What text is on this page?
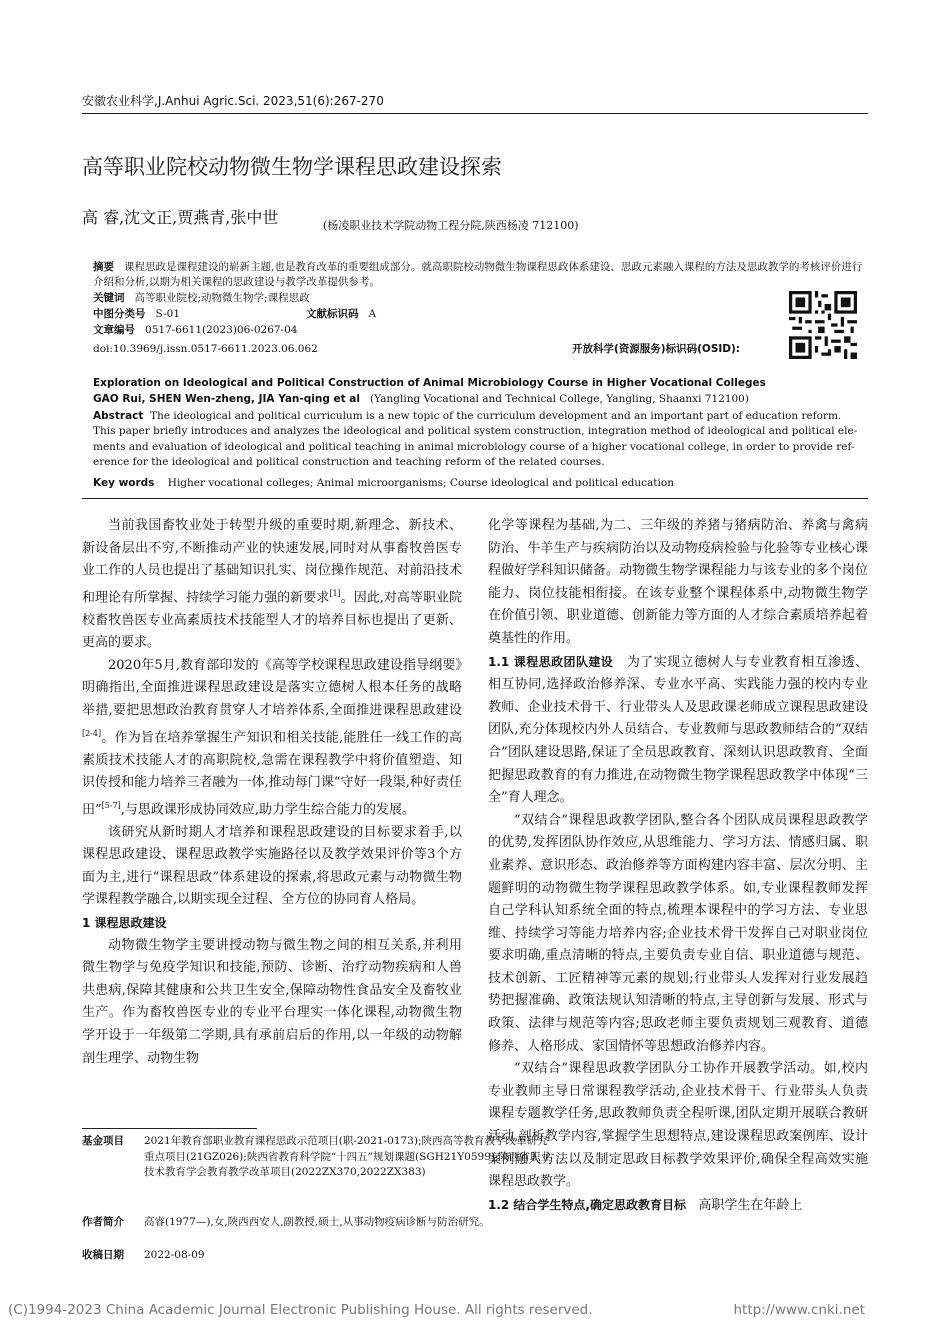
安徽农业科学,J.Anhui Agric.Sci. 2023,51(6):267-270
高等职业院校动物微生物学课程思政建设探索
高 睿,沈文正,贾燕青,张中世	(杨凌职业技术学院动物工程分院,陕西杨凌 712100)
摘要 课程思政是课程建设的崭新主题,也是教育改革的重要组成部分。就高职院校动物微生物课程思政体系建设、思政元素融入课程的方法及思政教学的考核评价进行介绍和分析,以期为相关课程的思政建设与教学改革提供参考。
关键词 高等职业院校;动物微生物学;课程思政
中图分类号 S-01	文献标识码 A
文章编号 0517-6611(2023)06-0267-04
doi:10.3969/j.issn.0517-6611.2023.06.062	开放科学(资源服务)标识码(OSID):
Exploration on Ideological and Political Construction of Animal Microbiology Course in Higher Vocational Colleges
GAO Rui, SHEN Wen-zheng, JIA Yan-qing et al (Yangling Vocational and Technical College, Yangling, Shaanxi 712100)
Abstract The ideological and political curriculum is a new topic of the curriculum development and an important part of education reform.
This paper briefly introduces and analyzes the ideological and political system construction, integration method of ideological and political ele-
ments and evaluation of ideological and political teaching in animal microbiology course of a higher vocational college, in order to provide ref-
erence for the ideological and political construction and teaching reform of the related courses.
Key words Higher vocational colleges; Animal microorganisms; Course ideological and political education

当前我国畜牧业处于转型升级的重要时期,新理念、新技术、新设备层出不穷,不断推动产业的快速发展,同时对从事畜牧兽医专业工作的人员也提出了基础知识扎实、岗位操作规范、对前沿技术和理论有所掌握、持续学习能力强的新要求[1]。因此,对高等职业院校畜牧兽医专业高素质技术技能型人才的培养目标也提出了更新、更高的要求。

2020年5月,教育部印发的《高等学校课程思政建设指导纲要》明确指出,全面推进课程思政建设是落实立德树人根本任务的战略举措,要把思想政治教育贯穿人才培养体系,全面推进课程思政建设[2-4]。作为旨在培养掌握生产知识和相关技能,能胜任一线工作的高素质技术技能人才的高职院校,急需在课程教学中将价值塑造、知识传授和能力培养三者融为一体,推动每门课“守好一段渠,种好责任田”[5-7],与思政课形成协同效应,助力学生综合能力的发展。

该研究从新时期人才培养和课程思政建设的目标要求着手,以课程思政建设、课程思政教学实施路径以及教学效果评价等3个方面为主,进行“课程思政”体系建设的探索,将思政元素与动物微生物学课程教学融合,以期实现全过程、全方位的协同育人格局。

1 课程思政建设

动物微生物学主要讲授动物与微生物之间的相互关系,并利用微生物学与免疫学知识和技能,预防、诊断、治疗动物疾病和人兽共患病,保障其健康和公共卫生安全,保障动物性食品安全及畜牧业生产。作为畜牧兽医专业的专业平台理实一体化课程,动物微生物学开设于一年级第二学期,具有承前启后的作用,以一年级的动物解剖生理学、动物生物

化学等课程为基础,为二、三年级的养猪与猪病防治、养禽与禽病防治、牛羊生产与疾病防治以及动物疫病检验与化验等专业核心课程做好学科知识储备。动物微生物学课程能力与该专业的多个岗位能力、岗位技能相衔接。在该专业整个课程体系中,动物微生物学在价值引领、职业道德、创新能力等方面的人才综合素质培养起着奠基性的作用。

1.1 课程思政团队建设 为了实现立德树人与专业教育相互渗透、相互协同,选择政治修养深、专业水平高、实践能力强的校内专业教师、企业技术骨干、行业带头人及思政课老师成立课程思政建设团队,充分体现校内外人员结合、专业教师与思政教师结合的“双结合”团队建设思路,保证了全员思政教育、深刻认识思政教育、全面把握思政教育的有力推进,在动物微生物学课程思政教学中体现“三全”育人理念。

“双结合”课程思政教学团队,整合各个团队成员课程思政教学的优势,发挥团队协作效应,从思维能力、学习方法、情感归属、职业素养、意识形态、政治修养等方面构建内容丰富、层次分明、主题鲜明的动物微生物学课程思政教学体系。如,专业课程教师发挥自己学科认知系统全面的特点,梳理本课程中的学习方法、专业思维、持续学习等能力培养内容;企业技术骨干发挥自己对职业岗位要求明确,重点清晰的特点,主要负责专业自信、职业道德与规范、技术创新、工匠精神等元素的规划;行业带头人发挥对行业发展趋势把握准确、政策法规认知清晰的特点,主导创新与发展、形式与政策、法律与规范等内容;思政老师主要负责规划三观教育、道德修养、人格形成、家国情怀等思想政治修养内容。

“双结合”课程思政教学团队分工协作开展教学活动。如,校内专业教师主导日常课程教学活动,企业技术骨干、行业带头人负责课程专题教学任务,思政教师负责全程听课,团队定期开展联合教研活动,剖析教学内容,掌握学生思想特点,建设课程思政案例库、设计案例融入方法以及制定思政目标教学效果评价,确保全程高效实施课程思政教学。

1.2 结合学生特点,确定思政教育目标 高职学生在年龄上

基金项目 2021年教育部职业教育课程思政示范项目(职-2021-0173);陕西高等教育教学改革研究重点项目(21GZ026);陕西省教育科学院“十四五”规划课题(SGH21Y0599);陕西省职业技术教育学会教育教学改革项目(2022ZX370,2022ZX383)
作者简介 高睿(1977—),女,陕西西安人,副教授,硕士,从事动物疫病诊断与防治研究。
收稿日期 2022-08-09
(C)1994-2023 China Academic Journal Electronic Publishing House. All rights reserved.	http://www.cnki.net
